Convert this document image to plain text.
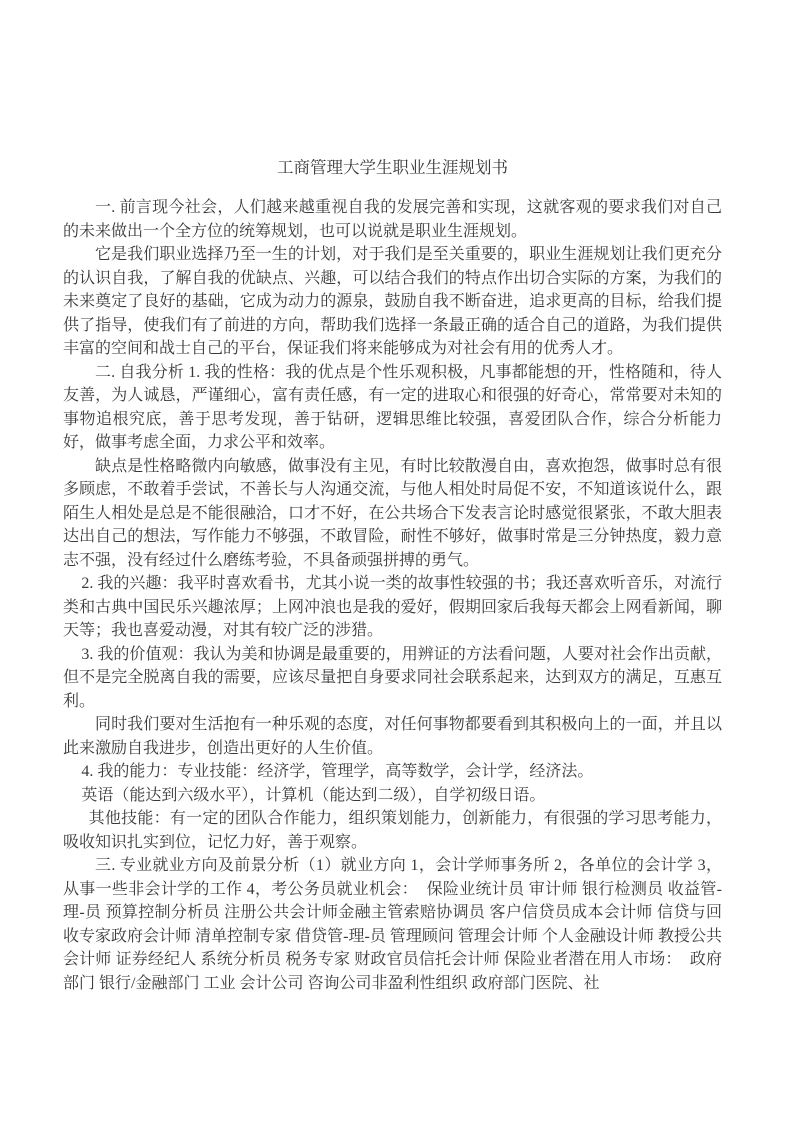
工商管理大学生职业生涯规划书

一. 前言现今社会，人们越来越重视自我的发展完善和实现，这就客观的要求我们对自己的未来做出一个全方位的统筹规划，也可以说就是职业生涯规划。

它是我们职业选择乃至一生的计划，对于我们是至关重要的，职业生涯规划让我们更充分的认识自我，了解自我的优缺点、兴趣，可以结合我们的特点作出切合实际的方案，为我们的未来奠定了良好的基础，它成为动力的源泉，鼓励自我不断奋进，追求更高的目标，给我们提供了指导，使我们有了前进的方向，帮助我们选择一条最正确的适合自己的道路，为我们提供丰富的空间和战士自己的平台，保证我们将来能够成为对社会有用的优秀人才。

二. 自我分析 1. 我的性格：我的优点是个性乐观积极，凡事都能想的开，性格随和，待人友善，为人诚恳，严谨细心，富有责任感，有一定的进取心和很强的好奇心，常常要对未知的事物追根究底，善于思考发现，善于钻研，逻辑思维比较强，喜爱团队合作，综合分析能力好，做事考虑全面，力求公平和效率。

缺点是性格略微内向敏感，做事没有主见，有时比较散漫自由，喜欢抱怨，做事时总有很多顾虑，不敢着手尝试，不善长与人沟通交流，与他人相处时局促不安，不知道该说什么，跟陌生人相处是总是不能很融洽，口才不好，在公共场合下发表言论时感觉很紧张，不敢大胆表达出自己的想法，写作能力不够强，不敢冒险，耐性不够好，做事时常是三分钟热度，毅力意志不强，没有经过什么磨练考验，不具备顽强拼搏的勇气。

2. 我的兴趣：我平时喜欢看书，尤其小说一类的故事性较强的书；我还喜欢听音乐，对流行类和古典中国民乐兴趣浓厚；上网冲浪也是我的爱好，假期回家后我每天都会上网看新闻，聊天等；我也喜爱动漫，对其有较广泛的涉猎。

3. 我的价值观：我认为美和协调是最重要的，用辨证的方法看问题，人要对社会作出贡献，但不是完全脱离自我的需要，应该尽量把自身要求同社会联系起来，达到双方的满足，互惠互利。

同时我们要对生活抱有一种乐观的态度，对任何事物都要看到其积极向上的一面，并且以此来激励自我进步，创造出更好的人生价值。

4. 我的能力：专业技能：经济学，管理学，高等数学，会计学，经济法。

英语（能达到六级水平），计算机（能达到二级），自学初级日语。

其他技能：有一定的团队合作能力，组织策划能力，创新能力，有很强的学习思考能力，吸收知识扎实到位，记忆力好，善于观察。

三. 专业就业方向及前景分析（1）就业方向 1，会计学师事务所 2，各单位的会计学 3，从事一些非会计学的工作 4，考公务员就业机会：  保险业统计员 审计师 银行检测员 收益管-理-员 预算控制分析员 注册公共会计师金融主管索赔协调员 客户信贷员成本会计师 信贷与回收专家政府会计师 清单控制专家 借贷管-理-员 管理顾问 管理会计师 个人金融设计师 教授公共会计师 证券经纪人 系统分析员 税务专家 财政官员信托会计师 保险业者潜在用人市场：  政府部门 银行/金融部门 工业 会计公司 咨询公司非盈利性组织 政府部门医院、社
